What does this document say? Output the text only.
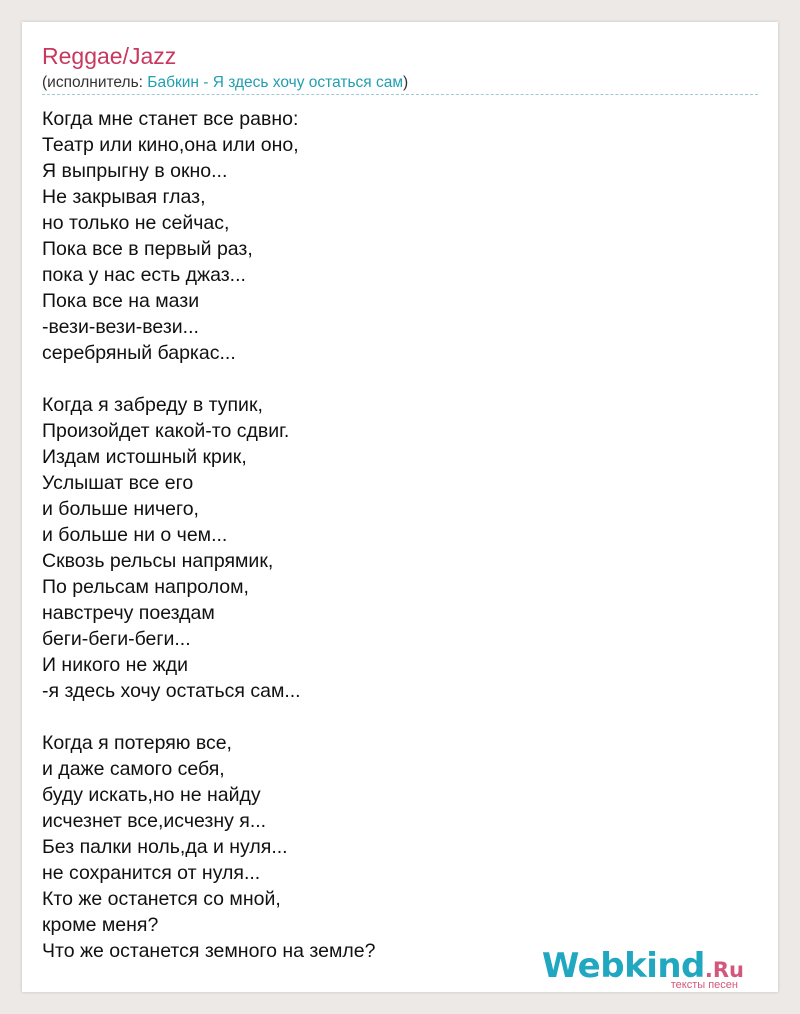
Reggae/Jazz
(исполнитель: Бабкин - Я здесь хочу остаться сам)
Когда мне станет все равно:
Театр или кино,она или оно,
Я выпрыгну в окно...
Не закрывая глаз,
но только не сейчас,
Пока все в первый раз,
пока у нас есть джаз...
Пока все на мази
-вези-вези-вези...
серебряный баркас...
Когда я забреду в тупик,
Произойдет какой-то сдвиг.
Издам истошный крик,
Услышат все его
и больше ничего,
и больше ни о чем...
Сквозь рельсы напрямик,
По рельсам напролом,
навстречу поездам
беги-беги-беги...
И никого не жди
-я здесь хочу остаться сам...
Когда я потеряю все,
и даже самого себя,
буду искать,но не найду
исчезнет все,исчезну я...
Без палки ноль,да и нуля...
не сохранится от нуля...
Кто же останется со мной,
кроме меня?
Что же останется земного на земле?	Webkind.Ru
тексты песен
